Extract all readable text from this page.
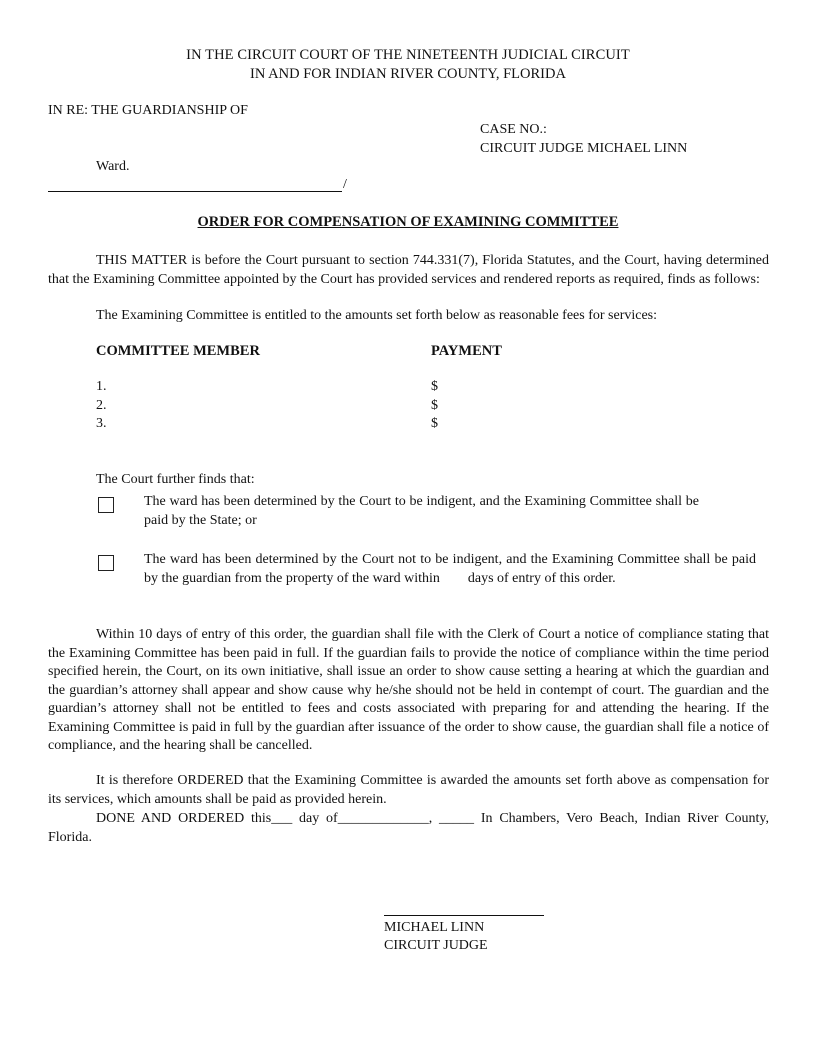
IN THE CIRCUIT COURT OF THE NINETEENTH JUDICIAL CIRCUIT
IN AND FOR INDIAN RIVER COUNTY, FLORIDA
IN RE: THE GUARDIANSHIP OF
CASE NO.:
CIRCUIT JUDGE MICHAEL LINN
Ward.
/
ORDER FOR COMPENSATION OF EXAMINING COMMITTEE
THIS MATTER is before the Court pursuant to section 744.331(7), Florida Statutes, and the Court, having determined that the Examining Committee appointed by the Court has provided services and rendered reports as required, finds as follows:
The Examining Committee is entitled to the amounts set forth below as reasonable fees for services:
COMMITTEE MEMBER	PAYMENT
1.	$
2.	$
3.	$
The Court further finds that:
The ward has been determined by the Court to be indigent, and the Examining Committee shall be paid by the State; or
The ward has been determined by the Court not to be indigent, and the Examining Committee shall be paid by the guardian from the property of the ward within        days of entry of this order.
Within 10 days of entry of this order, the guardian shall file with the Clerk of Court a notice of compliance stating that the Examining Committee has been paid in full. If the guardian fails to provide the notice of compliance within the time period specified herein, the Court, on its own initiative, shall issue an order to show cause setting a hearing at which the guardian and the guardian’s attorney shall appear and show cause why he/she should not be held in contempt of court. The guardian and the guardian’s attorney shall not be entitled to fees and costs associated with preparing for and attending the hearing. If the Examining Committee is paid in full by the guardian after issuance of the order to show cause, the guardian shall file a notice of compliance, and the hearing shall be cancelled.
It is therefore ORDERED that the Examining Committee is awarded the amounts set forth above as compensation for its services, which amounts shall be paid as provided herein.
DONE AND ORDERED this___ day of_____________, _____ In Chambers, Vero Beach, Indian River County, Florida.
MICHAEL LINN
CIRCUIT JUDGE
